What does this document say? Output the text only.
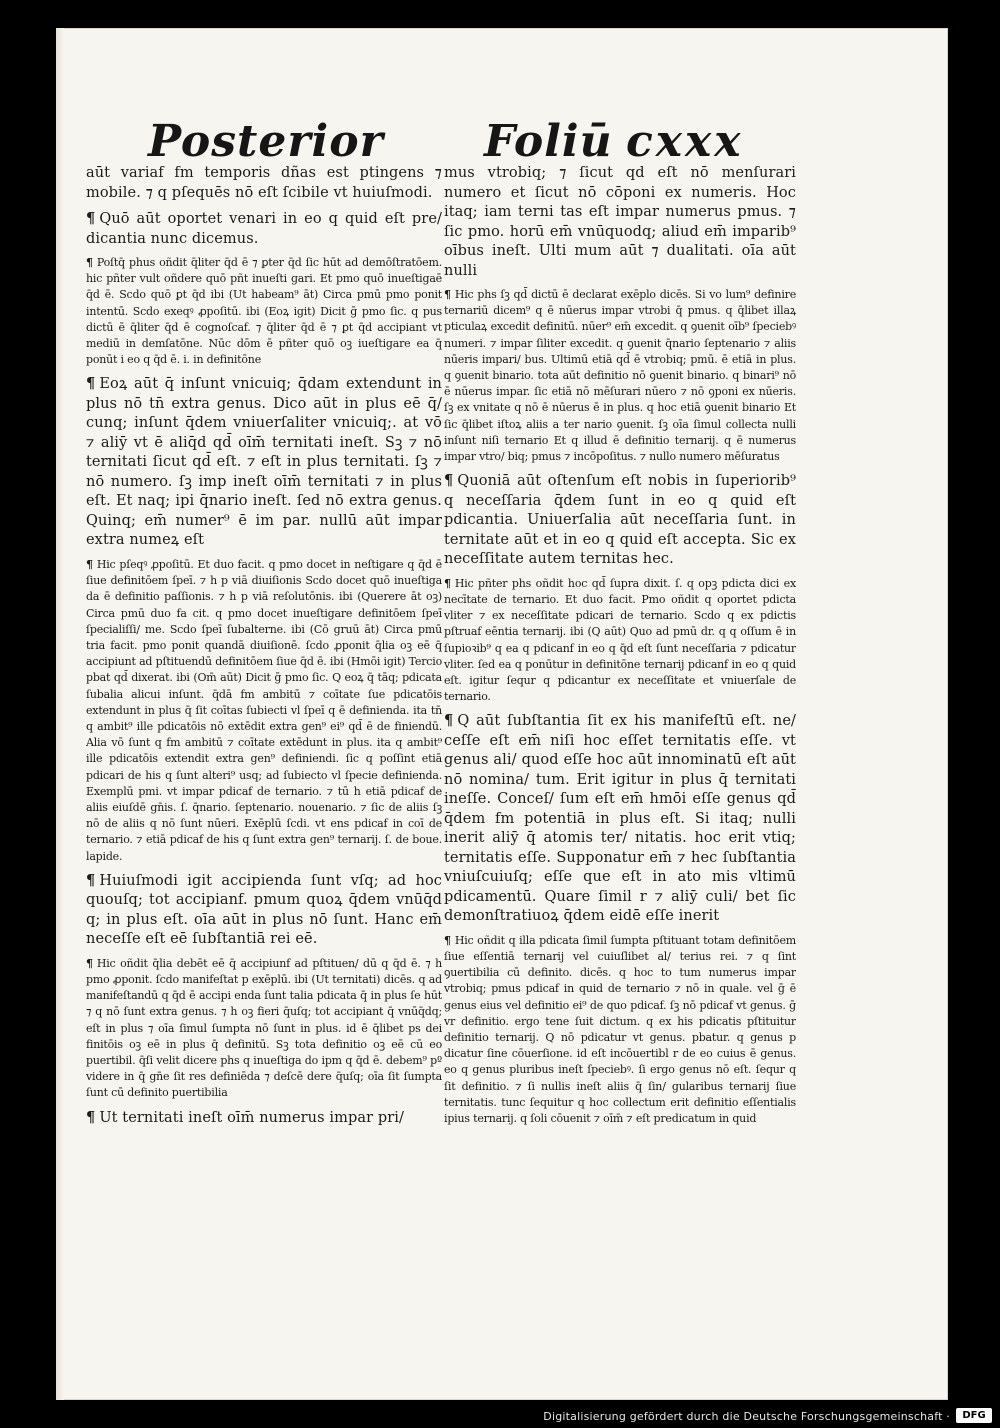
Posterior Foliū cxxx

aūt variaf fm temporis dñas est ptingens ⁊ mobile. ⁊ q pſequēs nō eſt ſcibile vt huiuſmodi.

¶ Quō aūt oportet venari in eo q quid eſt pre/ dicantia nunc dicemus.

¶ Poſtq̄ phus oñdit q̄liter q̄d ē ⁊ ꝑter q̄d ſic hūt ad demōſtratōem. hic pñter vult oñdere quō pñt inueſti gari. Et pmo quō inueſtigaē q̄d ē. Scdo quō ꝑt q̄d ibi (Ut habeam⁹ āt) Circa pmū pmo ponit intentū. Scdo exeqꝰ ꝓpoſitū. ibi (Eoꝝ igit) Dicit ḡ pmo ſic. q pus dictū ē q̄liter q̄d ē cognoſcaf. ⁊ q̄liter q̄d ē ⁊ ꝑt q̄d accipiant vt mediū in demſatōne. Nūc dōm ē pñter quō oꝫ iueſtigare ea q̄ ponūt i eo q q̄d ē. i. in definitōne

¶ Eoꝝ aūt q̄ inſunt vnicuiq; q̄dam extendunt in plus nō tn̄ extra genus. Dico aūt in plus eē q̄/ cunq; inſunt q̄dem vniuerſaliter vnicuiq;. at vō ⁊ aliȳ vt ē aliq̄d qd̄ oīm̄ ternitati ineſt. Sꝫ ⁊ nō ternitati ſicut qd̄ eſt. ⁊ eſt in plus ternitati. ſꝫ ⁊ nō numero. ſꝫ imp ineſt oīm̄ ternitati ⁊ in plus eſt. Et naq; ipi q̄nario ineſt. ſed nō extra genus. Quinq; em̄ numer⁹ ē im par. nullū aūt impar extra numeꝝ eſt

¶ Hic pſeqꝰ ꝓpoſitū. Et duo facit. q pmo docet in neſtigare q q̄d ē ſiue definitōem ſpeī. ⁊ h p viā diuiſionis Scdo docet quō inueſtiga da ē definitio paſſionis. ⁊ h p viā reſolutōnis. ibi (Querere āt oꝫ) Circa pmū duo fa cit. q pmo docet inueſtigare definitōem ſpeī ſpecialiſſi/ me. Scdo ſpeī ſubalterne. ibi (Cō gruū āt) Circa pmū tria facit. pmo ponit quandā diuiſionē. ſcdo ꝓponit q̄lia oꝫ eē q̄ accipiunt ad pſtituendū definitōem ſiue q̄d ē. ibi (Hmōi igit) Tercio pbat qd̄ dixerat. ibi (Om̄ aūt) Dicit ḡ pmo ſic. Q eoꝝ q̄ tāq; pdicata ſubalia alicui inſunt. q̄dā fm ambitū ⁊ coītate ſue pdicatōis extendunt in plus q̄ ſit coītas ſubiecti vl ſpeī q ē definienda. ita tn̄ q ambit⁹ ille pdicatōis nō extēdit extra gen⁹ ei⁹ qd̄ ē de finiendū. Alia vō ſunt q fm ambitū ⁊ coītate extēdunt in plus. ita q ambit⁹ ille pdicatōis extendit extra gen⁹ definiendi. ſic q poſſint etiā pdicari de his q ſunt alteri⁹ usq; ad ſubiecto vl ſpecie definienda. Exemplū pmi. vt impar pdicaf de ternario. ⁊ tū h etiā pdicaf de aliis eiuſdē gn̄is. ſ. q̄nario. ſeptenario. nouenario. ⁊ ſic de aliis ſꝫ nō de aliis q nō ſunt nūeri. Exēplū ſcdi. vt ens pdicaf in coī de ternario. ⁊ etiā pdicaf de his q ſunt extra gen⁹ ternarij. ſ. de boue. lapide.

¶ Huiuſmodi igit accipienda ſunt vſq; ad hoc quouſq; tot accipianf. pmum quoꝝ q̄dem vnūq̄d q; in plus eſt. oīa aūt in plus nō ſunt. Hanc em̄ neceſſe eſt eē ſubſtantiā rei eē.

¶ Hic oñdit q̄lia debēt eē q̄ accipiunf ad pſtituen/ dū q q̄d ē. ⁊ h pmo ꝓponit. ſcdo manifeſtat p exēplū. ibi (Ut ternitati) dicēs. q ad manifeſtandū q q̄d ē accipi enda ſunt talia pdicata q̄ in plus ſe hūt ⁊ q nō ſunt extra genus. ⁊ h oꝫ fieri q̄uſq; tot accipiant q̄ vnūq̄dq; eſt in plus ⁊ oīa ſimul ſumpta nō ſunt in plus. id ē q̄libet ps dei finitōis oꝫ eē in plus q̄ definitū. Sꝫ tota definitio oꝫ eē cū eo puertibil. q̄ſi velit dicere phs q inueſtiga do ipm q q̄d ē. debem⁹ pº videre in q̄ gn̄e ſit res definiēda ⁊ deſcē dere q̄uſq; oīa ſit ſumpta ſunt cū definito puertibilia

¶ Ut ternitati ineſt oīm̄ numerus impar pri/

mus vtrobiq; ⁊ ſicut qd̄ eſt nō menſurari numero et ſicut nō cōponi ex numeris. Hoc itaq; iam terni tas eſt impar numerus pmus. ⁊ ſic pmo. horū em̄ vnūquodq; aliud em̄ imparib⁹ oībus ineſt. Ulti mum aūt ⁊ dualitati. oīa aūt nulli

¶ Hic phs ſꝫ qd̄ dictū ē declarat exēplo dicēs. Si vo lum⁹ definire ternariū dicem⁹ q ē nūerus impar vtrobi q̄ pmus. q q̄libet illaꝝ pticulaꝝ excedit definitū. nūer⁹ em̄ excedit. q ꝯuenit oīb⁹ ſpeciebꝰ numeri. ⁊ impar ſiliter excedit. q ꝯuenit q̄nario ſeptenario ⁊ aliis nūeris impari/ bus. Ultimū etiā qd̄ ē vtrobiq; pmū. ē etiā in plus. q ꝯuenit binario. tota aūt definitio nō ꝯuenit binario. q binari⁹ nō ē nūerus impar. ſic etiā nō mēſurari nūero ⁊ nō ꝯponi ex nūeris. ſꝫ ex vnitate q nō ē nūerus ē in plus. q hoc etiā ꝯuenit binario Et ſic q̄libet iſtoꝝ aliis a ter nario ꝯuenit. ſꝫ oīa ſimul collecta nulli inſunt niſi ternario Et q illud ē definitio ternarij. q ē numerus impar vtro/ biq; pmus ⁊ incōpoſitus. ⁊ nullo numero mēſuratus

¶ Quoniā aūt oſtenſum eſt nobis in ſuperiorib⁹ q neceſſaria q̄dem ſunt in eo q quid eſt pdicantia. Uniuerſalia aūt neceſſaria ſunt. in ternitate aūt et in eo q quid eſt accepta. Sic ex neceſſitate autem ternitas hec.

¶ Hic pñter phs oñdit hoc qd̄ ſupra dixit. ſ. q opꝫ pdicta dici ex necītate de ternario. Et duo facit. Pmo oñdit q oportet pdicta vliter ⁊ ex neceſſitate pdicari de ternario. Scdo q ex pdictis pſtruaf eēntia ternarij. ibi (Q aūt) Quo ad pmū dr. q q oſſum ē in ſupioꝛib⁹ q ea q pdicanf in eo q q̄d eſt ſunt neceſſaria ⁊ pdicatur vliter. ſed ea q ponūtur in definitōne ternarij pdicanf in eo q quid eſt. igitur ſequr q pdicantur ex neceſſitate et vniuerſale de ternario.

¶ Q aūt ſubſtantia ſit ex his manifeſtū eſt. ne/ ceſſe eſt em̄ niſi hoc eſſet ternitatis eſſe. vt genus ali/ quod eſſe hoc aūt innominatū eſt aūt nō nomina/ tum. Erit igitur in plus q̄ ternitati ineſſe. Conceſ/ ſum eſt em̄ hmōi eſſe genus qd̄ q̄dem fm potentiā in plus eſt. Si itaq; nulli inerit aliȳ q̄ atomis ter/ nitatis. hoc erit vtiq; ternitatis eſſe. Supponatur em̄ ⁊ hec ſubſtantia vniuſcuiuſq; eſſe que eſt in ato mis vltimū pdicamentū. Quare ſimil r ⁊ aliȳ culi/ bet ſic demonſtratiuoꝝ q̄dem eidē eſſe inerit

¶ Hic oñdit q illa pdicata ſimil ſumpta pſtituant totam definitōem ſiue eſſentiā ternarij vel cuiuſlibet al/ terius rei. ⁊ q ſint ꝯuertibilia cū definito. dicēs. q hoc to tum numerus impar vtrobiq; pmus pdicaf in quid de ternario ⁊ nō in quale. vel ḡ ē genus eius vel definitio ei⁹ de quo pdicaf. ſꝫ nō pdicaf vt genus. ḡ vr definitio. ergo tene ſuit dictum. q ex his pdicatis pſtituitur definitio ternarij. Q nō pdicatur vt genus. pbatur. q genus p dicatur ſine cōuerſione. id eſt incōuertibl r de eo cuius ē genus. eo q genus pluribus ineſt ſpeciebꝰ. ſi ergo genus nō eſt. ſequr q ſit definitio. ⁊ ſi nullis ineſt aliis q̄ ſin/ gularibus ternarij ſiue ternitatis. tunc ſequitur q hoc collectum erit definitio eſſentialis ipius ternarij. q ſoli cōuenit ⁊ oīm̄ ⁊ eſt predicatum in quid

Digitalisierung gefördert durch die Deutsche Forschungsgemeinschaft ·	DFG
